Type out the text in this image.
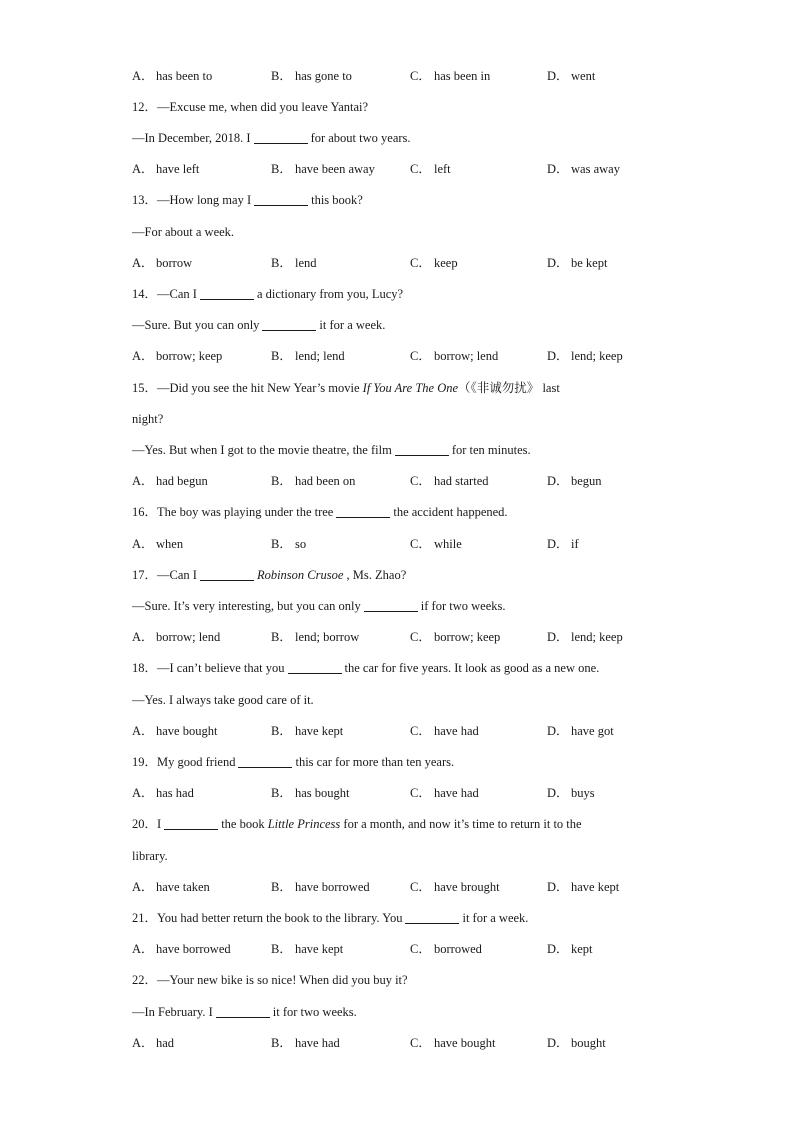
A． has been to	B． has gone to	C． has been in	D． went
12．—Excuse me, when did you leave Yantai?
—In December, 2018. I	for about two years.
A． have left	B． have been away	C． left	D． was away
13．—How long may I	this book?
—For about a week.
A． borrow	B． lend	C． keep	D． be kept
14．—Can I	a dictionary from you, Lucy?
—Sure. But you can only	it for a week.
A． borrow; keep	B． lend; lend	C． borrow; lend	D． lend; keep
15．—Did you see the hit New Year’s movie If You Are The One（《非诚勿扰》 last
night?
—Yes. But when I got to the movie theatre, the film	for ten minutes.
A． had begun	B． had been on	C． had started	D． begun
16．The boy was playing under the tree	the accident happened.
A． when	B． so	C． while	D． if
17．—Can I	Robinson Crusoe , Ms. Zhao?
—Sure. It’s very interesting, but you can only	if for two weeks.
A． borrow; lend	B． lend; borrow	C． borrow; keep	D． lend; keep
18．—I can’t believe that you	the car for five years. It look as good as a new one.
—Yes. I always take good care of it.
A． have bought	B． have kept	C． have had	D． have got
19．My good friend	this car for more than ten years.
A． has had	B． has bought	C． have had	D． buys
20．I	the book Little Princess for a month, and now it’s time to return it to the
library.
A． have taken	B． have borrowed	C． have brought	D． have kept
21．You had better return the book to the library. You	it for a week.
A． have borrowed	B． have kept	C． borrowed	D． kept
22．—Your new bike is so nice! When did you buy it?
—In February. I	it for two weeks.
A． had	B． have had	C． have bought	D． bought
